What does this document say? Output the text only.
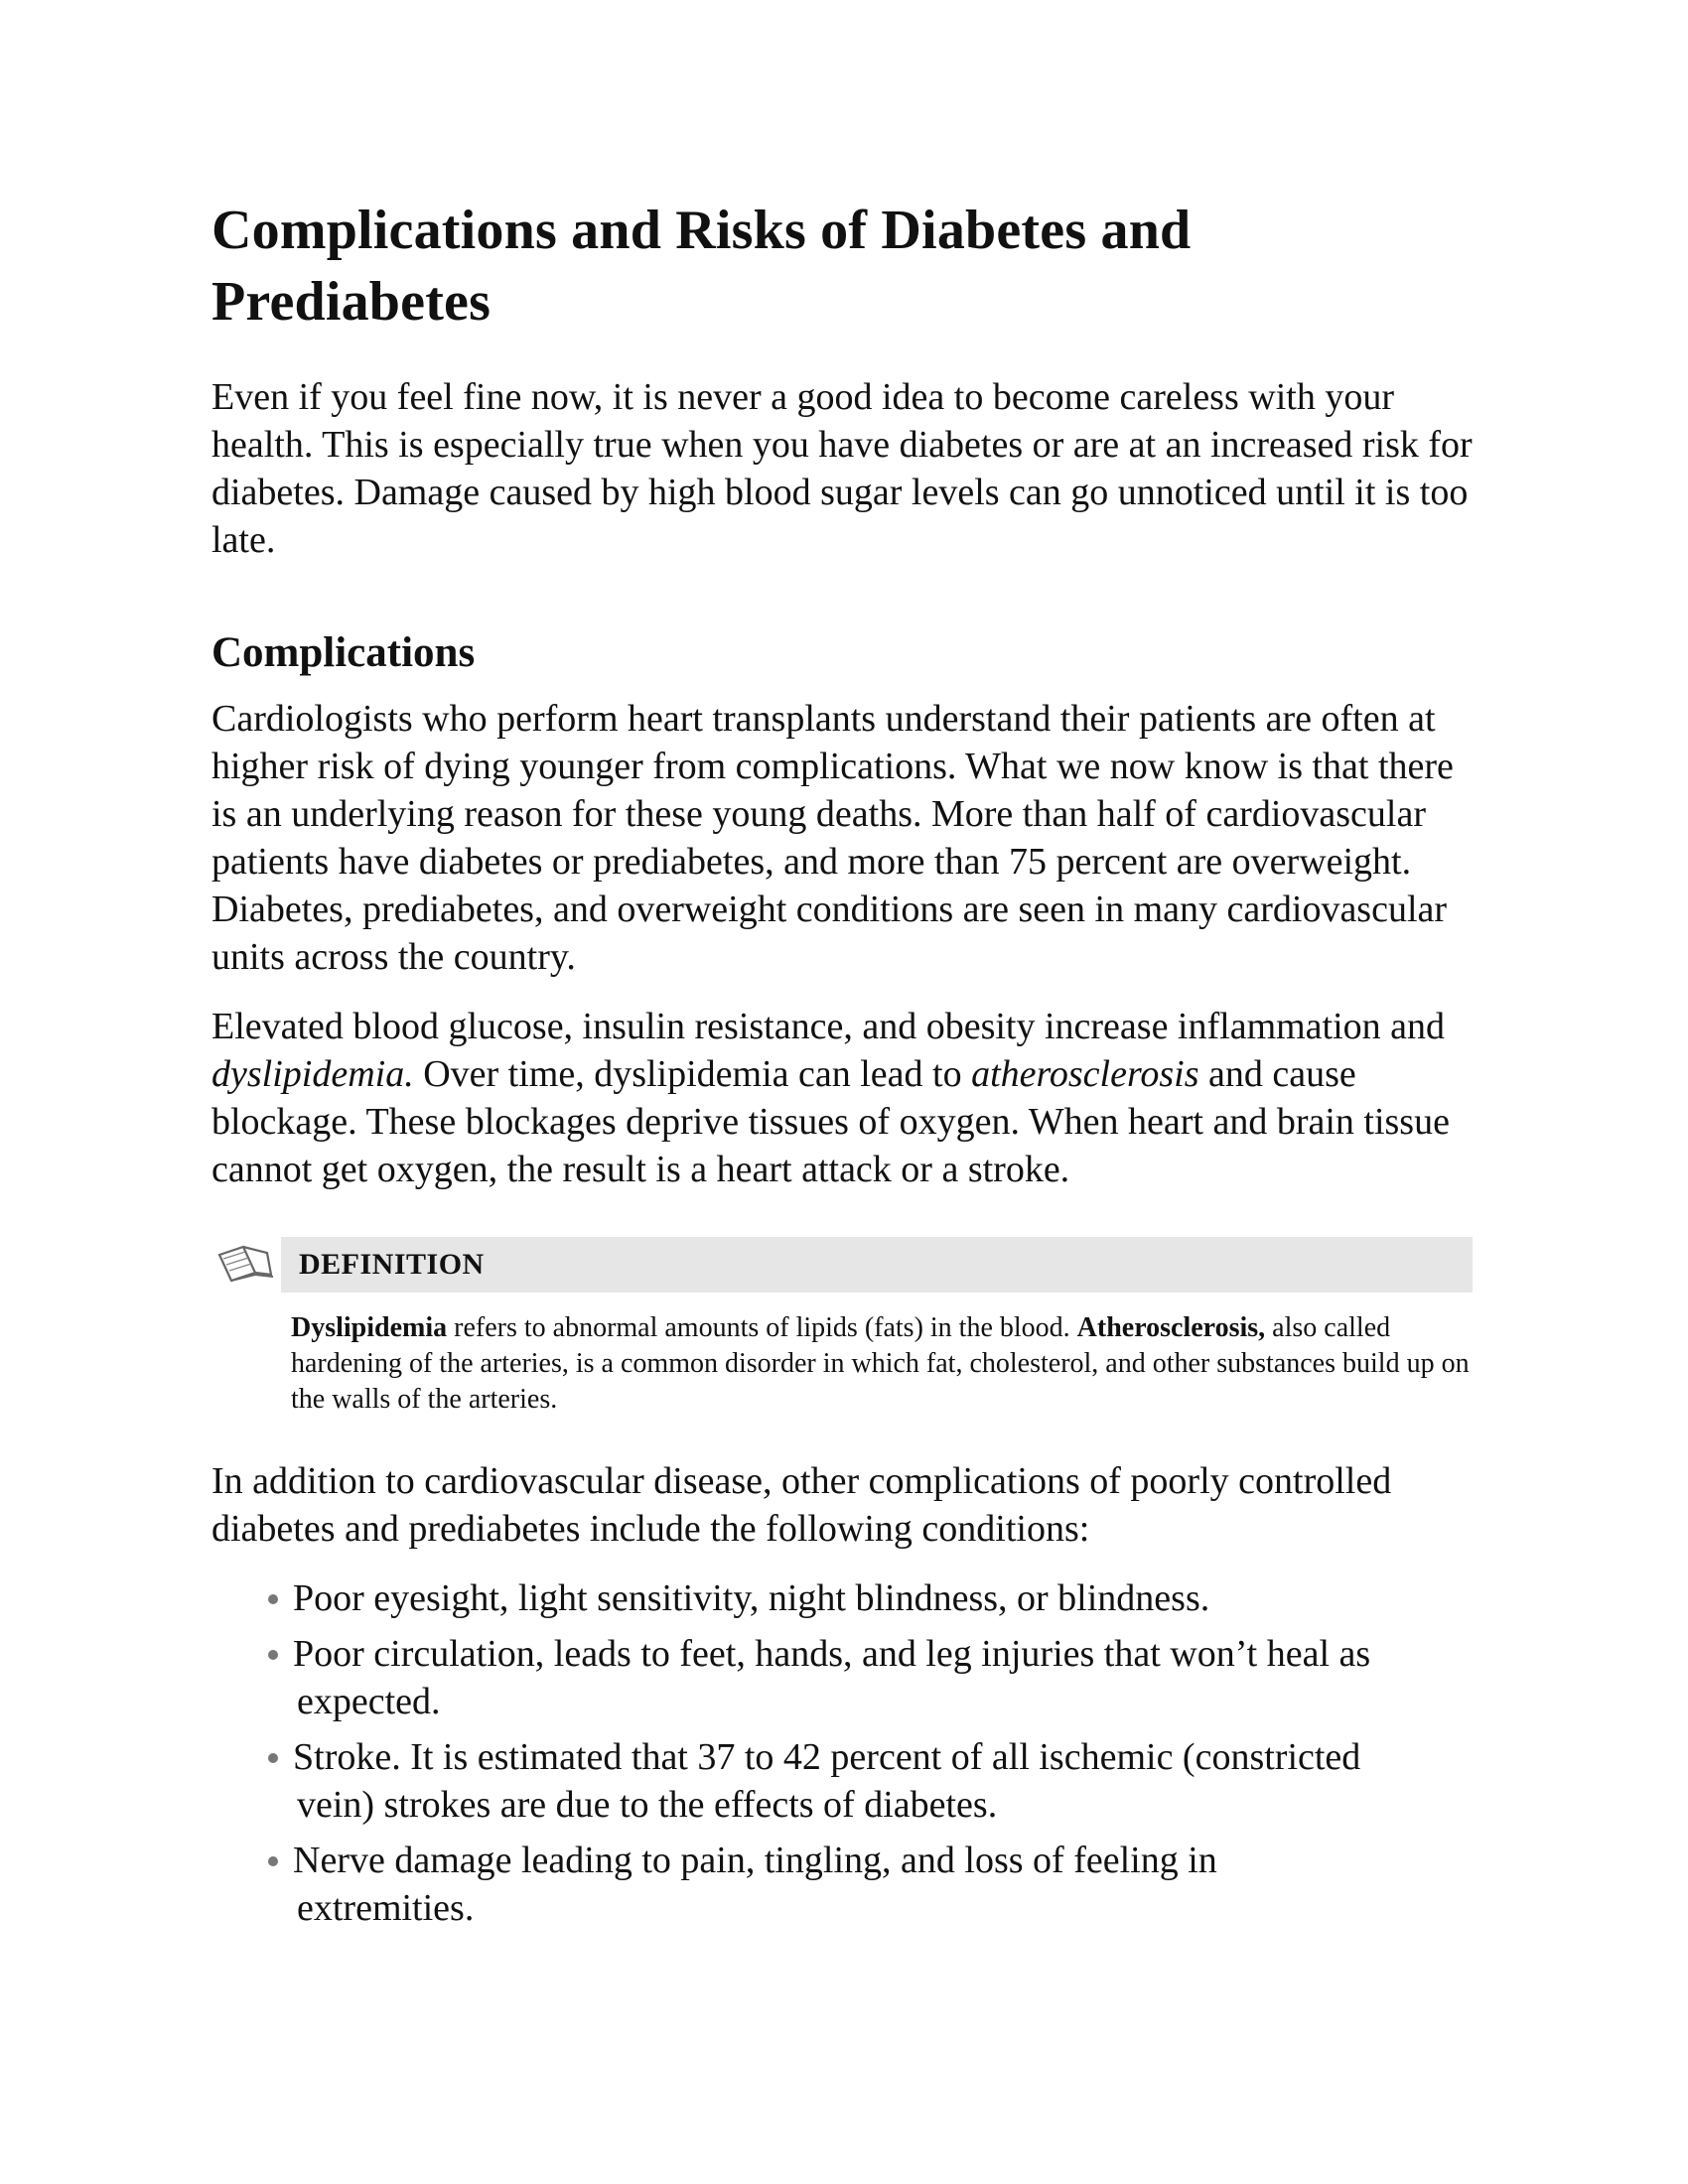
Complications and Risks of Diabetes and Prediabetes

Even if you feel fine now, it is never a good idea to become careless with your health. This is especially true when you have diabetes or are at an increased risk for diabetes. Damage caused by high blood sugar levels can go unnoticed until it is too late.

Complications

Cardiologists who perform heart transplants understand their patients are often at higher risk of dying younger from complications. What we now know is that there is an underlying reason for these young deaths. More than half of cardiovascular patients have diabetes or prediabetes, and more than 75 percent are overweight. Diabetes, prediabetes, and overweight conditions are seen in many cardiovascular units across the country.

Elevated blood glucose, insulin resistance, and obesity increase inflammation and dyslipidemia. Over time, dyslipidemia can lead to atherosclerosis and cause blockage. These blockages deprive tissues of oxygen. When heart and brain tissue cannot get oxygen, the result is a heart attack or a stroke.

DEFINITION
Dyslipidemia refers to abnormal amounts of lipids (fats) in the blood. Atherosclerosis, also called hardening of the arteries, is a common disorder in which fat, cholesterol, and other substances build up on the walls of the arteries.

In addition to cardiovascular disease, other complications of poorly controlled diabetes and prediabetes include the following conditions:

Poor eyesight, light sensitivity, night blindness, or blindness.
Poor circulation, leads to feet, hands, and leg injuries that won’t heal as
expected.
Stroke. It is estimated that 37 to 42 percent of all ischemic (constricted
vein) strokes are due to the effects of diabetes.
Nerve damage leading to pain, tingling, and loss of feeling in
extremities.
